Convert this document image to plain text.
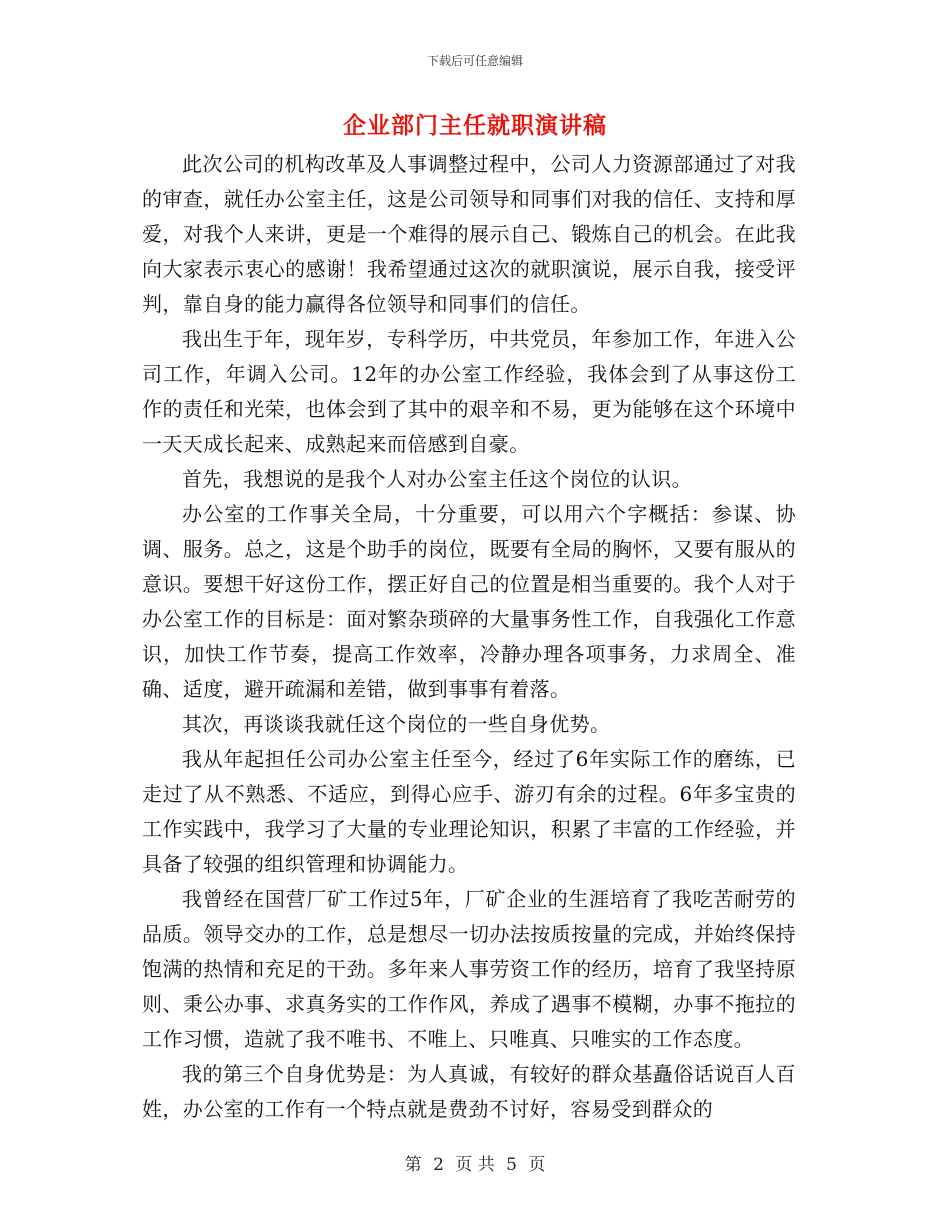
下载后可任意编辑
企业部门主任就职演讲稿

此次公司的机构改革及人事调整过程中，公司人力资源部通过了对我的审查，就任办公室主任，这是公司领导和同事们对我的信任、支持和厚爱，对我个人来讲，更是一个难得的展示自己、锻炼自己的机会。在此我向大家表示衷心的感谢！我希望通过这次的就职演说，展示自我，接受评判，靠自身的能力赢得各位领导和同事们的信任。

我出生于年，现年岁，专科学历，中共党员，年参加工作，年进入公司工作，年调入公司。12年的办公室工作经验，我体会到了从事这份工作的责任和光荣，也体会到了其中的艰辛和不易，更为能够在这个环境中一天天成长起来、成熟起来而倍感到自豪。

首先，我想说的是我个人对办公室主任这个岗位的认识。

办公室的工作事关全局，十分重要，可以用六个字概括：参谋、协调、服务。总之，这是个助手的岗位，既要有全局的胸怀，又要有服从的意识。要想干好这份工作，摆正好自己的位置是相当重要的。我个人对于办公室工作的目标是：面对繁杂琐碎的大量事务性工作，自我强化工作意识，加快工作节奏，提高工作效率，冷静办理各项事务，力求周全、准确、适度，避开疏漏和差错，做到事事有着落。

其次，再谈谈我就任这个岗位的一些自身优势。

我从年起担任公司办公室主任至今，经过了6年实际工作的磨练，已走过了从不熟悉、不适应，到得心应手、游刃有余的过程。6年多宝贵的工作实践中，我学习了大量的专业理论知识，积累了丰富的工作经验，并具备了较强的组织管理和协调能力。

我曾经在国营厂矿工作过5年，厂矿企业的生涯培育了我吃苦耐劳的品质。领导交办的工作，总是想尽一切办法按质按量的完成，并始终保持饱满的热情和充足的干劲。多年来人事劳资工作的经历，培育了我坚持原则、秉公办事、求真务实的工作作风，养成了遇事不模糊，办事不拖拉的工作习惯，造就了我不唯书、不唯上、只唯真、只唯实的工作态度。

我的第三个自身优势是：为人真诚，有较好的群众基矗俗话说百人百姓，办公室的工作有一个特点就是费劲不讨好，容易受到群众的

第 2 页 共 5 页
